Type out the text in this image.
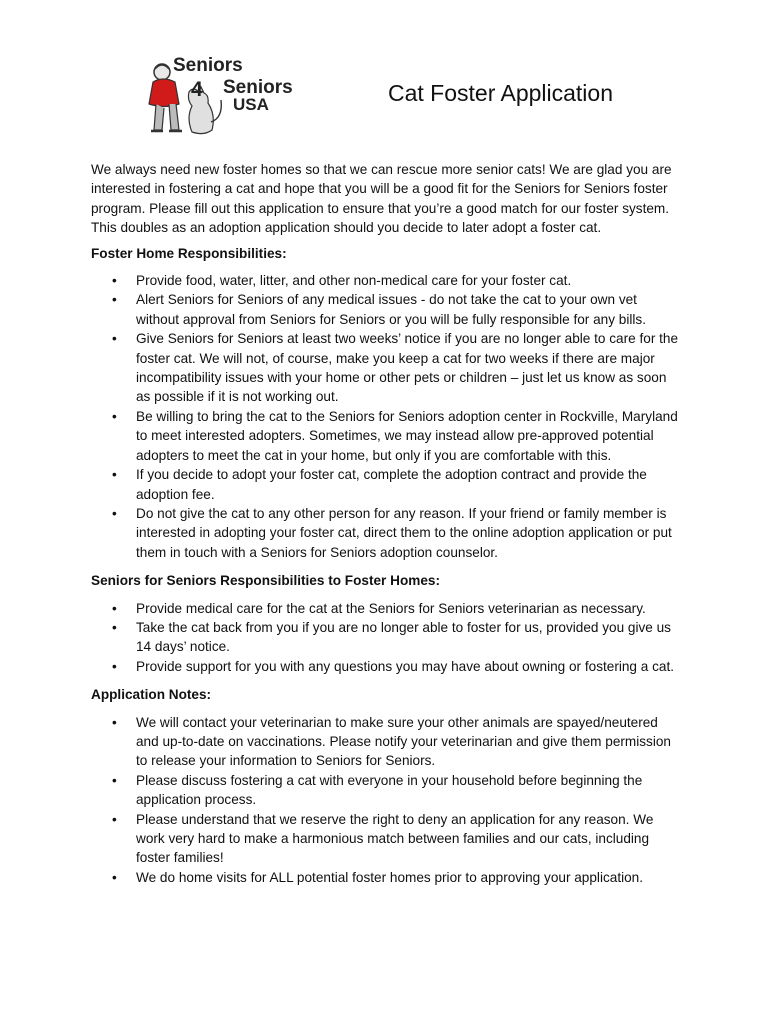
Seniors
4 Seniors
USA	Cat Foster Application

We always need new foster homes so that we can rescue more senior cats! We are glad you are interested in fostering a cat and hope that you will be a good fit for the Seniors for Seniors foster program. Please fill out this application to ensure that you’re a good match for our foster system. This doubles as an adoption application should you decide to later adopt a foster cat.

Foster Home Responsibilities:

• Provide food, water, litter, and other non-medical care for your foster cat.
• Alert Seniors for Seniors of any medical issues - do not take the cat to your own vet without approval from Seniors for Seniors or you will be fully responsible for any bills.
• Give Seniors for Seniors at least two weeks’ notice if you are no longer able to care for the foster cat. We will not, of course, make you keep a cat for two weeks if there are major incompatibility issues with your home or other pets or children – just let us know as soon as possible if it is not working out.
• Be willing to bring the cat to the Seniors for Seniors adoption center in Rockville, Maryland to meet interested adopters. Sometimes, we may instead allow pre-approved potential adopters to meet the cat in your home, but only if you are comfortable with this.
• If you decide to adopt your foster cat, complete the adoption contract and provide the adoption fee.
• Do not give the cat to any other person for any reason. If your friend or family member is interested in adopting your foster cat, direct them to the online adoption application or put them in touch with a Seniors for Seniors adoption counselor.

Seniors for Seniors Responsibilities to Foster Homes:

• Provide medical care for the cat at the Seniors for Seniors veterinarian as necessary.
• Take the cat back from you if you are no longer able to foster for us, provided you give us 14 days’ notice.
• Provide support for you with any questions you may have about owning or fostering a cat.

Application Notes:

• We will contact your veterinarian to make sure your other animals are spayed/neutered and up-to-date on vaccinations. Please notify your veterinarian and give them permission to release your information to Seniors for Seniors.
• Please discuss fostering a cat with everyone in your household before beginning the application process.
• Please understand that we reserve the right to deny an application for any reason. We work very hard to make a harmonious match between families and our cats, including foster families!
• We do home visits for ALL potential foster homes prior to approving your application.
